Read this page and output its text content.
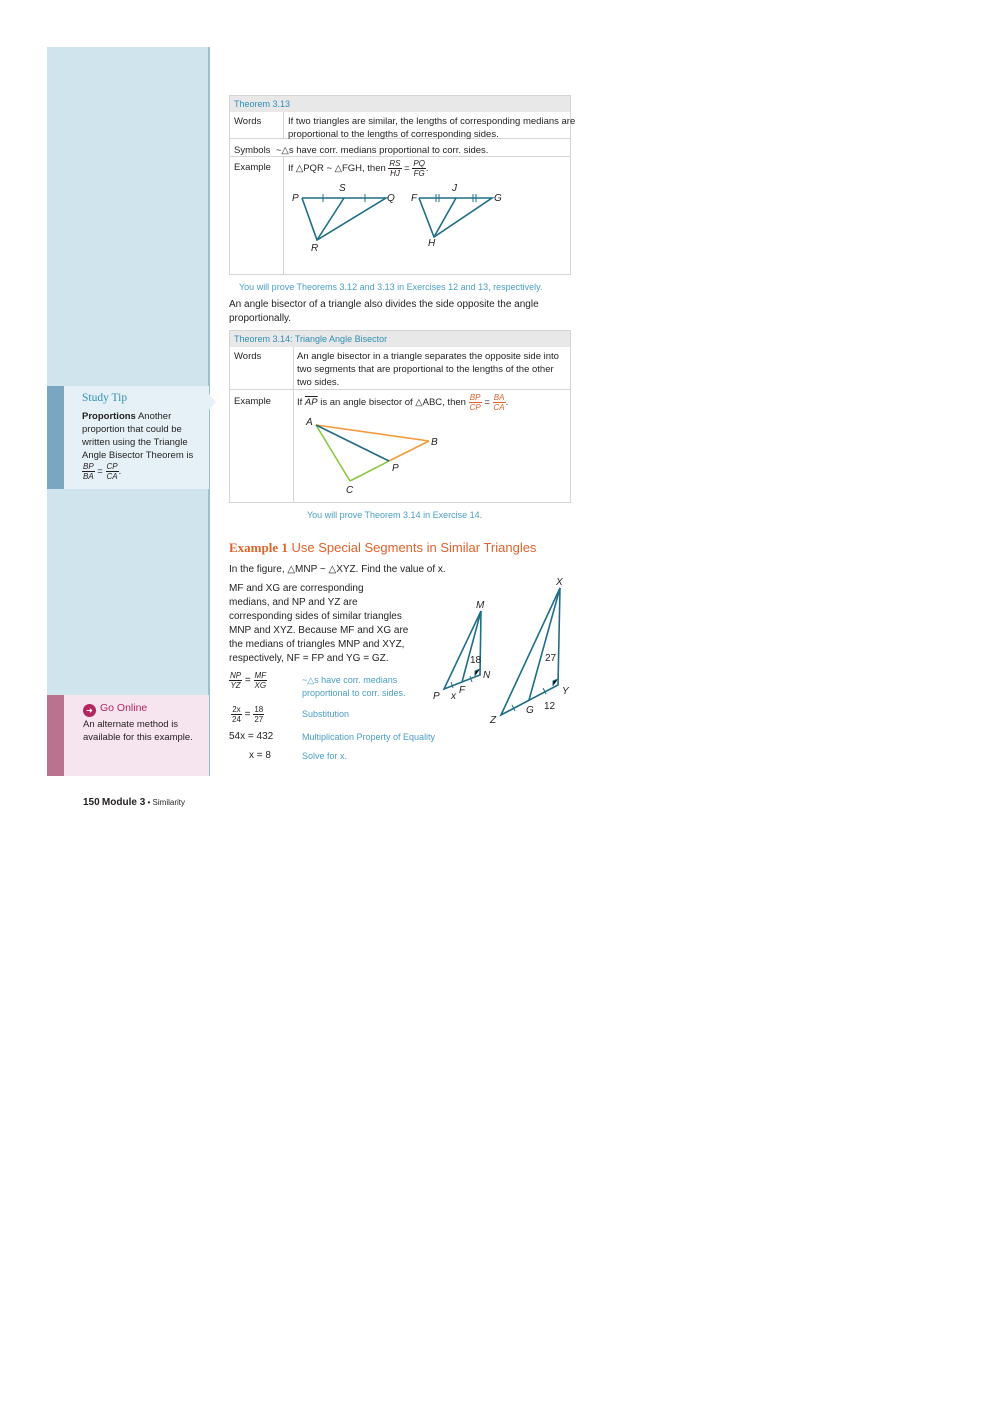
Study Tip
Proportions Another proportion that could be written using the Triangle Angle Bisector Theorem is
$\frac{BP}{BA} = \frac{CP}{CA}$ .
➜ Go Online
An alternate method is available for this example.
Theorem 3.13
Words	If two triangles are similar, the lengths of corresponding medians are proportional to the lengths of corresponding sides.
Symbols ~△s have corr. medians proportional to corr. sides.
Example If △PQR ~ △FGH, then $\frac{RS}{HJ} = \frac{PQ}{FG}$ .
P
S
Q
R
F
J
G
H
You will prove Theorems 3.12 and 3.13 in Exercises 12 and 13, respectively.
An angle bisector of a triangle also divides the side opposite the angle proportionally.
Theorem 3.14: Triangle Angle Bisector
Words	An angle bisector in a triangle separates the opposite side into two segments that are proportional to the lengths of the other two sides.
Example	If $\overline{AP}$ is an angle bisector of △ABC, then $\frac{BP}{CP} = \frac{BA}{CA}$ .
A
B
P
C
You will prove Theorem 3.14 in Exercise 14.
Example 1 Use Special Segments in Similar Triangles
In the figure, △MNP ~ △XYZ. Find the value of x.
MF and XG are corresponding
medians, and NP and YZ are
corresponding sides of similar triangles
MNP and XYZ. Because MF and XG are
the medians of triangles MNP and XYZ,
respectively, NF = FP and YG = GZ.
$\frac{NP}{YZ} = \frac{MF}{XG}$	~△s have corr. medians proportional to corr. sides.
$\frac{2x}{24} = \frac{18}{27}$	Substitution
54x = 432	Multiplication Property of Equality
x = 8	Solve for x.
M
N
P
F
x
18
X
Y
Z
G
27
12
150 Module 3 • Similarity
